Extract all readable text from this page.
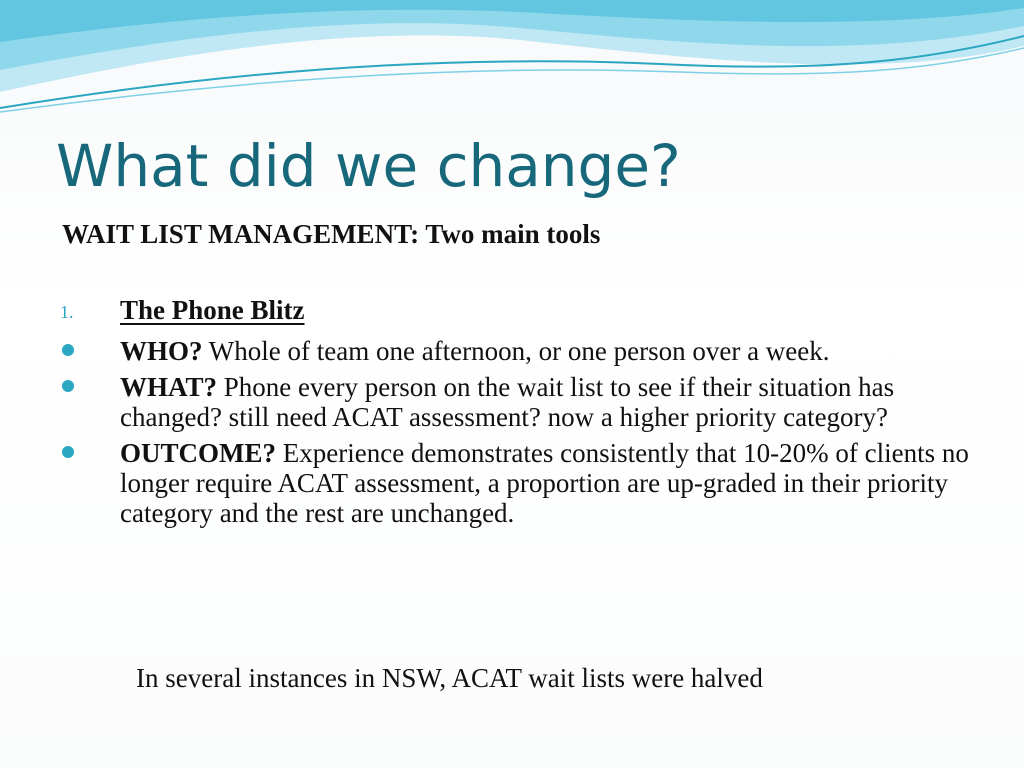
What did we change?
WAIT LIST MANAGEMENT: Two main tools
1.	The Phone Blitz
WHO? Whole of team one afternoon, or one person over a week.
WHAT? Phone every person on the wait list to see if their situation has changed? still need ACAT assessment? now a higher priority category?
OUTCOME? Experience demonstrates consistently that 10-20% of clients no longer require ACAT assessment, a proportion are up-graded in their priority category and the rest are unchanged.
In several instances in NSW, ACAT wait lists were halved
